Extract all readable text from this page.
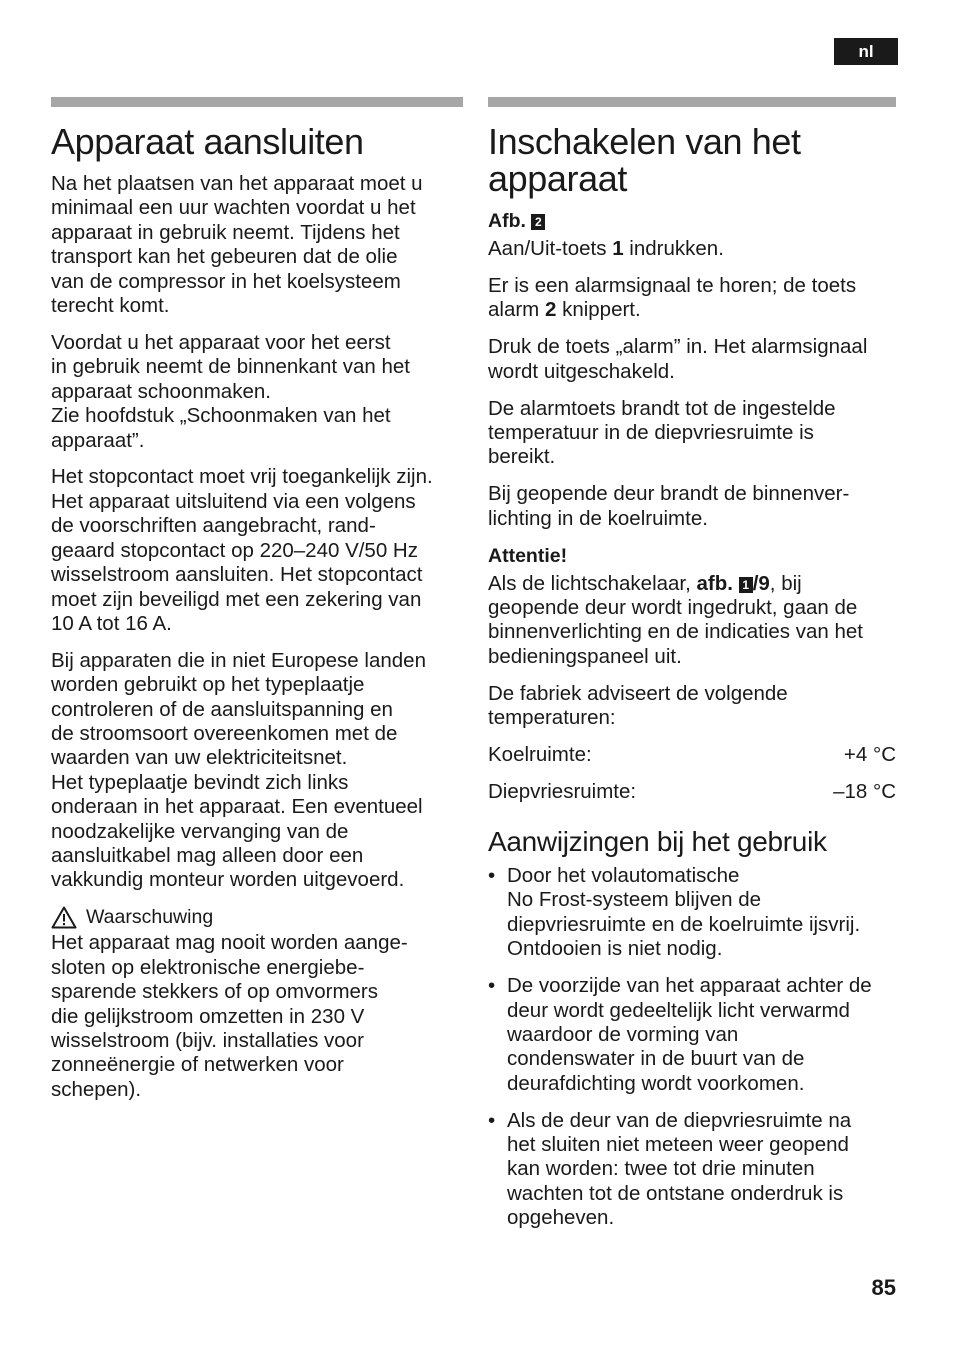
nl
Apparaat aansluiten

Na het plaatsen van het apparaat moet u
minimaal een uur wachten voordat u het
apparaat in gebruik neemt. Tijdens het
transport kan het gebeuren dat de olie
van de compressor in het koelsysteem
terecht komt.

Voordat u het apparaat voor het eerst
in gebruik neemt de binnenkant van het
apparaat schoonmaken.
Zie hoofdstuk „Schoonmaken van het
apparaat”.

Het stopcontact moet vrij toegankelijk zijn.
Het apparaat uitsluitend via een volgens
de voorschriften aangebracht, rand-
geaard stopcontact op 220–240 V/50 Hz
wisselstroom aansluiten. Het stopcontact
moet zijn beveiligd met een zekering van
10 A tot 16 A.

Bij apparaten die in niet Europese landen
worden gebruikt op het typeplaatje
controleren of de aansluitspanning en
de stroomsoort overeenkomen met de
waarden van uw elektriciteitsnet.
Het typeplaatje bevindt zich links
onderaan in het apparaat. Een eventueel
noodzakelijke vervanging van de
aansluitkabel mag alleen door een
vakkundig monteur worden uitgevoerd.

Waarschuwing

Het apparaat mag nooit worden aange-
sloten op elektronische energiebe-
sparende stekkers of op omvormers
die gelijkstroom omzetten in 230 V
wisselstroom (bijv. installaties voor
zonneënergie of netwerken voor
schepen).

Inschakelen van het
apparaat
Afb. 2

Aan/Uit-toets 1 indrukken.

Er is een alarmsignaal te horen; de toets
alarm 2 knippert.

Druk de toets „alarm” in. Het alarmsignaal
wordt uitgeschakeld.

De alarmtoets brandt tot de ingestelde
temperatuur in de diepvriesruimte is
bereikt.

Bij geopende deur brandt de binnenver-
lichting in de koelruimte.

Attentie!

Als de lichtschakelaar, afb. 1 /9, bij
geopende deur wordt ingedrukt, gaan de
binnenverlichting en de indicaties van het
bedieningspaneel uit.

De fabriek adviseert de volgende
temperaturen:

Koelruimte:	+4 °C
Diepvriesruimte:	–18 °C
Aanwijzingen bij het gebruik
• Door het volautomatische
No Frost-systeem blijven de
diepvriesruimte en de koelruimte ijsvrij.
Ontdooien is niet nodig.
• De voorzijde van het apparaat achter de
deur wordt gedeeltelijk licht verwarmd
waardoor de vorming van
condenswater in de buurt van de
deurafdichting wordt voorkomen.
• Als de deur van de diepvriesruimte na
het sluiten niet meteen weer geopend
kan worden: twee tot drie minuten
wachten tot de ontstane onderdruk is
opgeheven.
85
